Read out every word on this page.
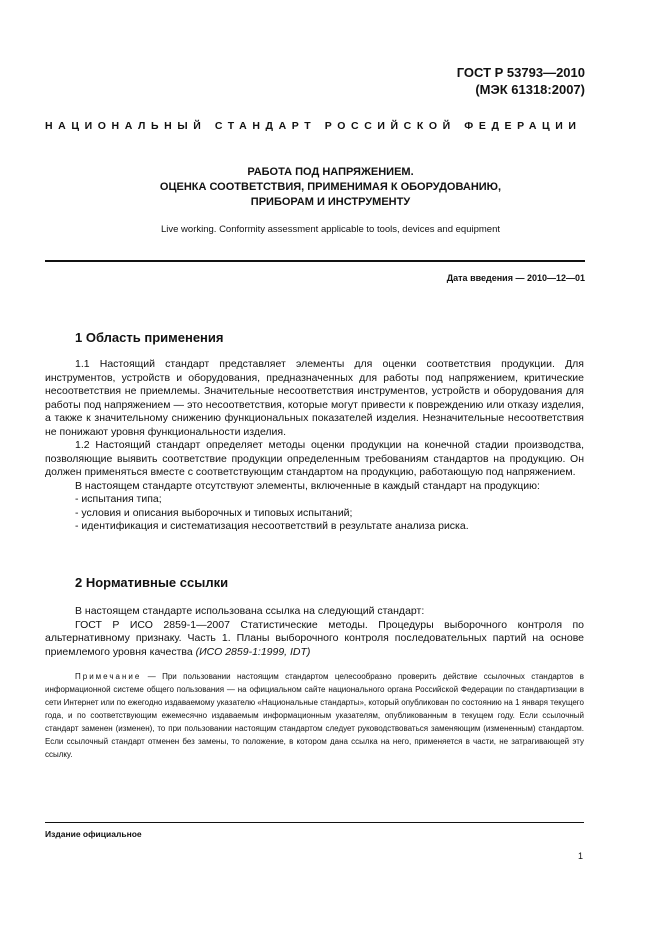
ГОСТ Р 53793—2010
(МЭК 61318:2007)
НАЦИОНАЛЬНЫЙ СТАНДАРТ РОССИЙСКОЙ ФЕДЕРАЦИИ
РАБОТА ПОД НАПРЯЖЕНИЕМ.
ОЦЕНКА СООТВЕТСТВИЯ, ПРИМЕНИМАЯ К ОБОРУДОВАНИЮ,
ПРИБОРАМ И ИНСТРУМЕНТУ
Live working. Conformity assessment applicable to tools, devices and equipment
Дата введения — 2010—12—01
1 Область применения

1.1 Настоящий стандарт представляет элементы для оценки соответствия продукции. Для инструментов, устройств и оборудования, предназначенных для работы под напряжением, критические несоответствия не приемлемы. Значительные несоответствия инструментов, устройств и оборудования для работы под напряжением — это несоответствия, которые могут привести к повреждению или отказу изделия, а также к значительному снижению функциональных показателей изделия. Незначительные несоответствия не понижают уровня функциональности изделия.

1.2 Настоящий стандарт определяет методы оценки продукции на конечной стадии производства, позволяющие выявить соответствие продукции определенным требованиям стандартов на продукцию. Он должен применяться вместе с соответствующим стандартом на продукцию, работающую под напряжением.

В настоящем стандарте отсутствуют элементы, включенные в каждый стандарт на продукцию:

- испытания типа;

- условия и описания выборочных и типовых испытаний;

- идентификация и систематизация несоответствий в результате анализа риска.

2 Нормативные ссылки

В настоящем стандарте использована ссылка на следующий стандарт:

ГОСТ Р ИСО 2859-1—2007 Статистические методы. Процедуры выборочного контроля по альтернативному признаку. Часть 1. Планы выборочного контроля последовательных партий на основе приемлемого уровня качества (ИСО 2859-1:1999, IDT)

Примечание — При пользовании настоящим стандартом целесообразно проверить действие ссылочных стандартов в информационной системе общего пользования — на официальном сайте национального органа Российской Федерации по стандартизации в сети Интернет или по ежегодно издаваемому указателю «Национальные стандарты», который опубликован по состоянию на 1 января текущего года, и по соответствующим ежемесячно издаваемым информационным указателям, опубликованным в текущем году. Если ссылочный стандарт заменен (изменен), то при пользовании настоящим стандартом следует руководствоваться заменяющим (измененным) стандартом. Если ссылочный стандарт отменен без замены, то положение, в котором дана ссылка на него, применяется в части, не затрагивающей эту ссылку.

Издание официальное
1
